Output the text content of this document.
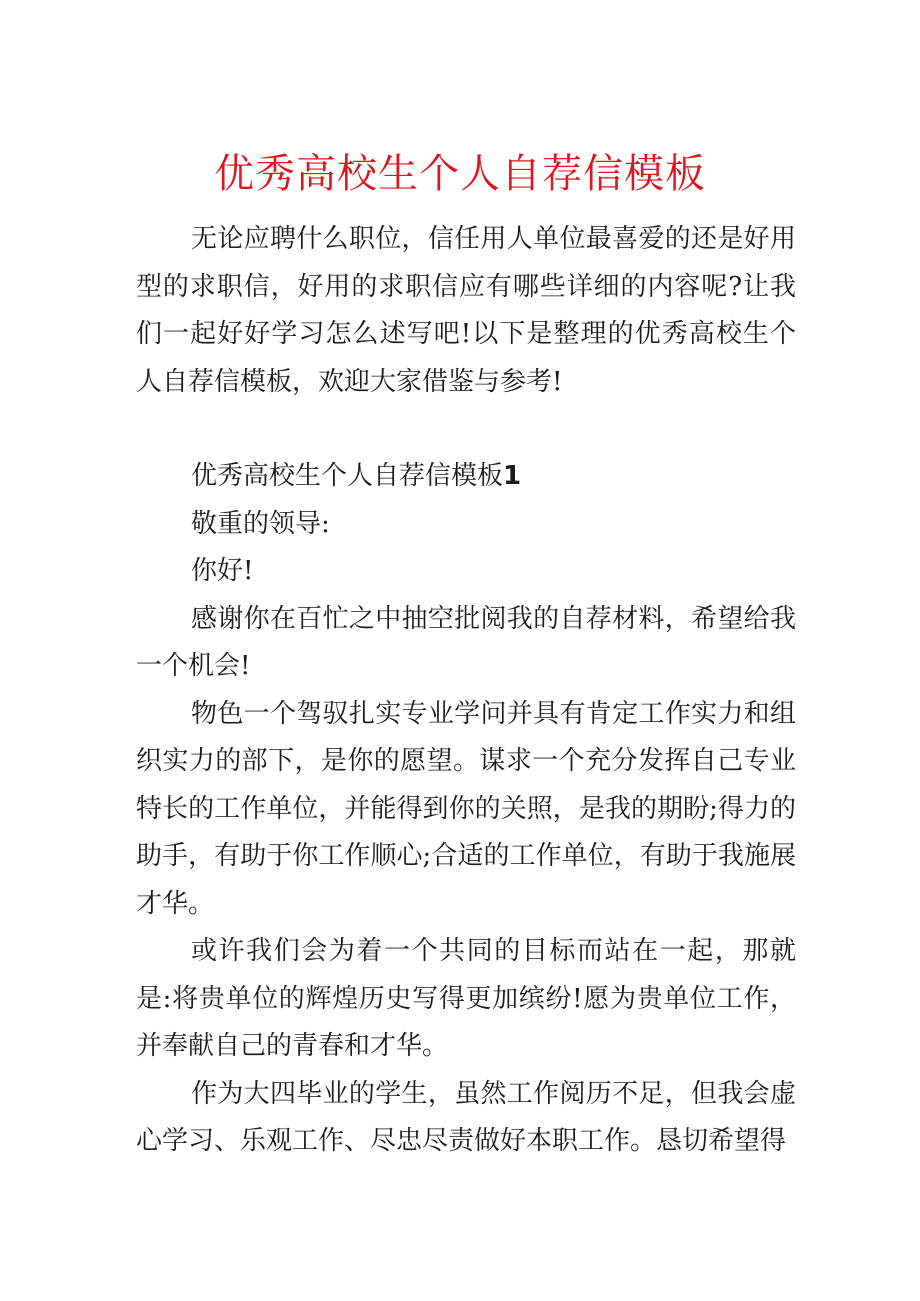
优秀高校生个人自荐信模板

无论应聘什么职位，信任用人单位最喜爱的还是好用型的求职信，好用的求职信应有哪些详细的内容呢?让我们一起好好学习怎么述写吧!以下是整理的优秀高校生个人自荐信模板，欢迎大家借鉴与参考!

优秀高校生个人自荐信模板1

敬重的领导:

你好!

感谢你在百忙之中抽空批阅我的自荐材料，希望给我一个机会!

物色一个驾驭扎实专业学问并具有肯定工作实力和组织实力的部下，是你的愿望。谋求一个充分发挥自己专业特长的工作单位，并能得到你的关照，是我的期盼;得力的助手，有助于你工作顺心;合适的工作单位，有助于我施展才华。

或许我们会为着一个共同的目标而站在一起，那就是:将贵单位的辉煌历史写得更加缤纷!愿为贵单位工作，并奉献自己的青春和才华。

作为大四毕业的学生，虽然工作阅历不足，但我会虚心学习、乐观工作、尽忠尽责做好本职工作。恳切希望得
